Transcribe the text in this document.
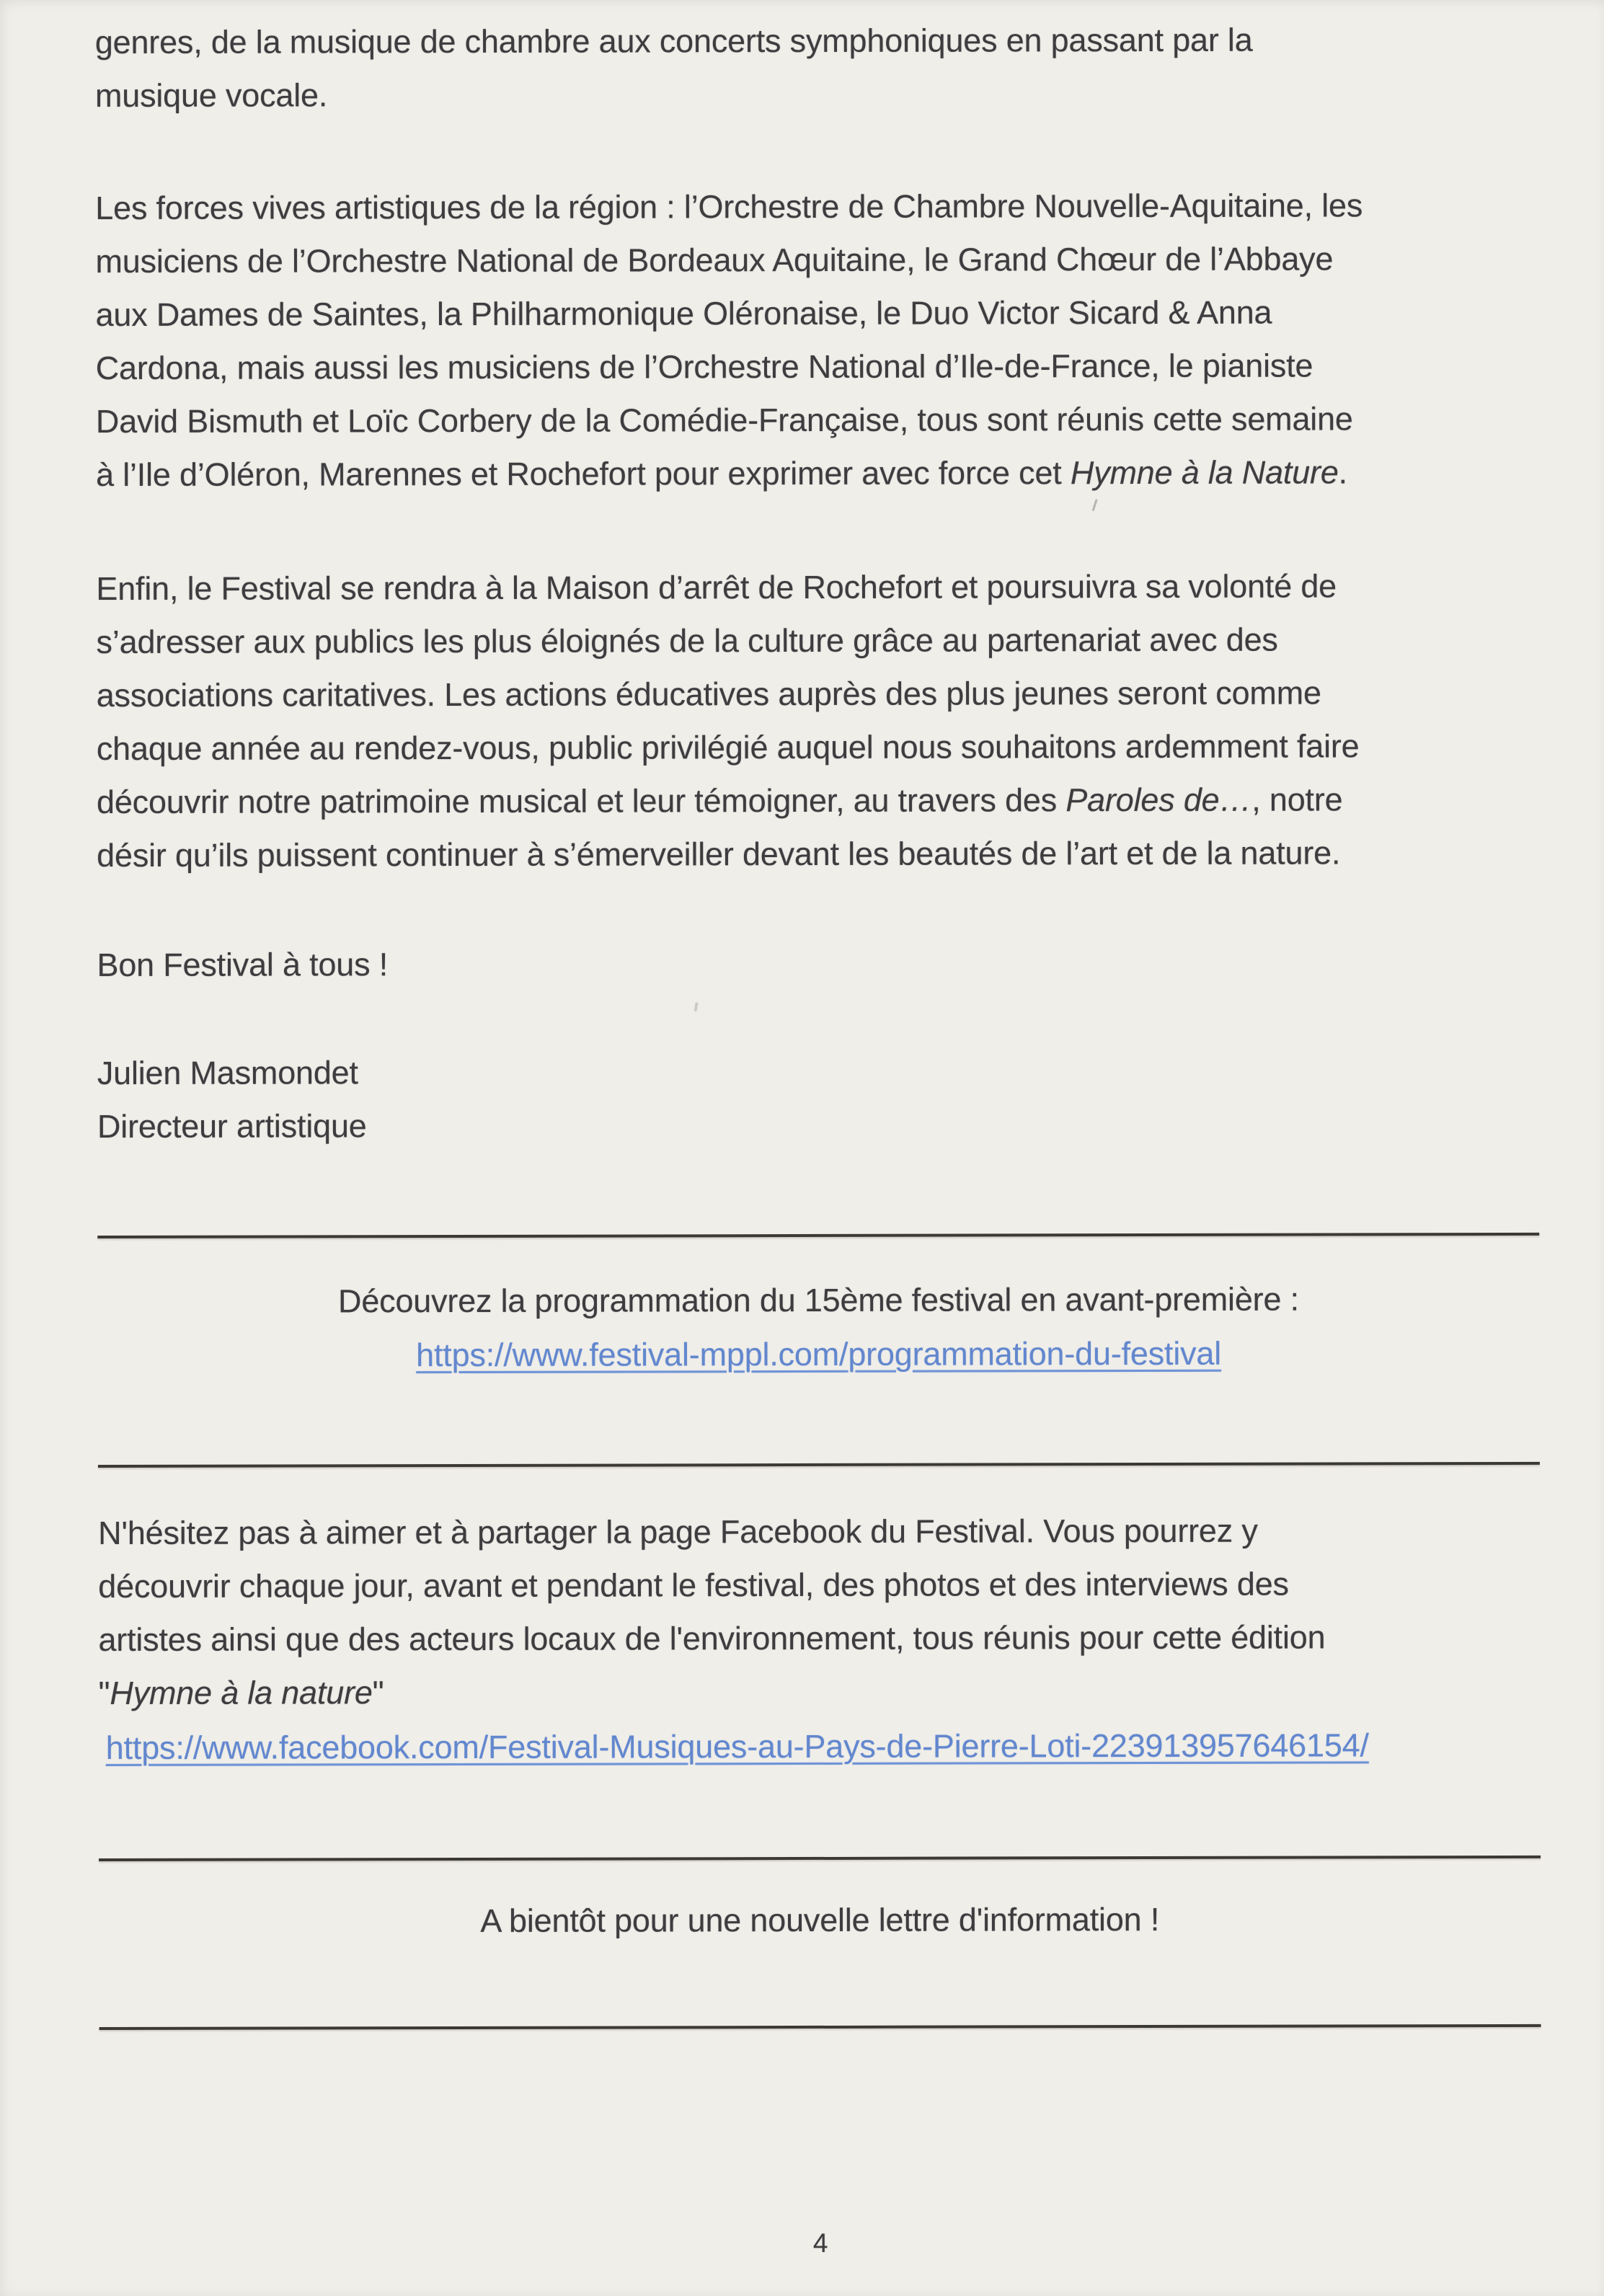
genres, de la musique de chambre aux concerts symphoniques en passant par la
musique vocale.
Les forces vives artistiques de la région : l’Orchestre de Chambre Nouvelle-Aquitaine, les
musiciens de l’Orchestre National de Bordeaux Aquitaine, le Grand Chœur de l’Abbaye
aux Dames de Saintes, la Philharmonique Oléronaise, le Duo Victor Sicard & Anna
Cardona, mais aussi les musiciens de l’Orchestre National d’Ile-de-France, le pianiste
David Bismuth et Loïc Corbery de la Comédie-Française, tous sont réunis cette semaine
à l’Ile d’Oléron, Marennes et Rochefort pour exprimer avec force cet Hymne à la Nature.
Enfin, le Festival se rendra à la Maison d’arrêt de Rochefort et poursuivra sa volonté de
s’adresser aux publics les plus éloignés de la culture grâce au partenariat avec des
associations caritatives. Les actions éducatives auprès des plus jeunes seront comme
chaque année au rendez-vous, public privilégié auquel nous souhaitons ardemment faire
découvrir notre patrimoine musical et leur témoigner, au travers des Paroles de…, notre
désir qu’ils puissent continuer à s’émerveiller devant les beautés de l’art et de la nature.
Bon Festival à tous !
Julien Masmondet
Directeur artistique
Découvrez la programmation du 15ème festival en avant-première :
https://www.festival-mppl.com/programmation-du-festival
N'hésitez pas à aimer et à partager la page Facebook du Festival. Vous pourrez y
découvrir chaque jour, avant et pendant le festival, des photos et des interviews des
artistes ainsi que des acteurs locaux de l'environnement, tous réunis pour cette édition
"Hymne à la nature"
https://www.facebook.com/Festival-Musiques-au-Pays-de-Pierre-Loti-223913957646154/
A bientôt pour une nouvelle lettre d'information !
4
